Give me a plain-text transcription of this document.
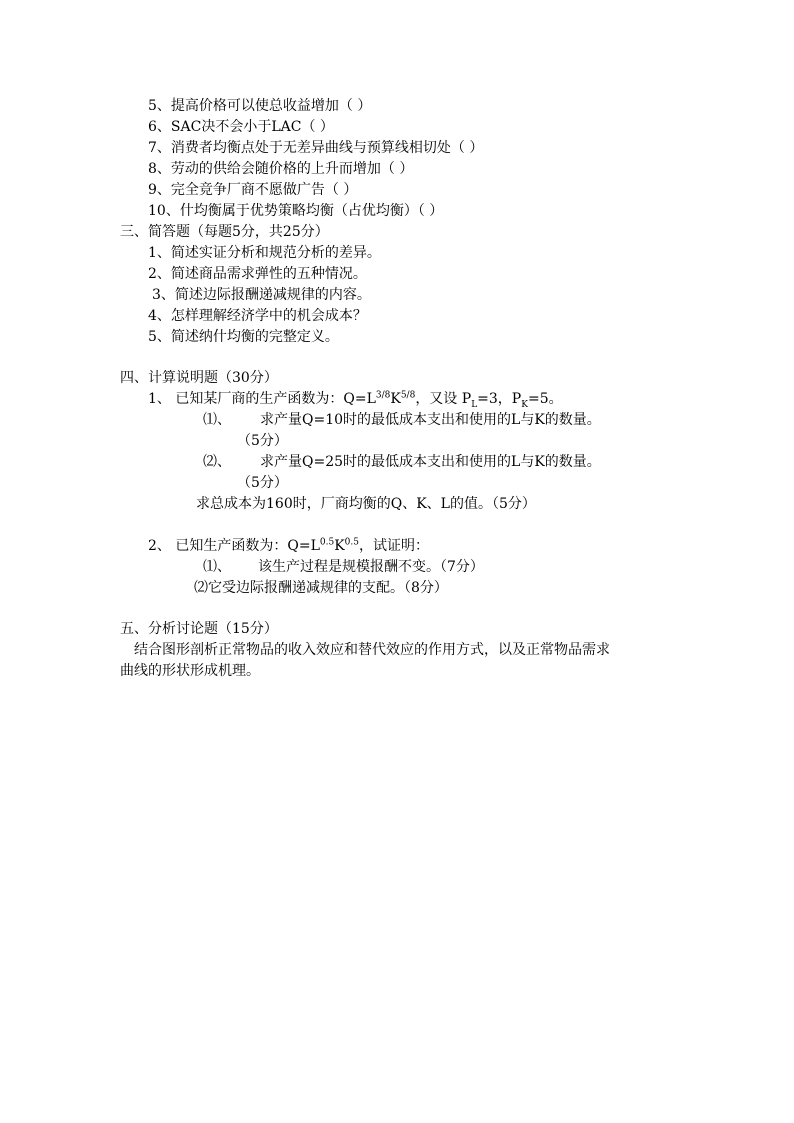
5、提高价格可以使总收益增加（ ）
6、SAC决不会小于LAC（ ）
7、消费者均衡点处于无差异曲线与预算线相切处（ ）
8、劳动的供给会随价格的上升而增加（ ）
9、完全竞争厂商不愿做广告（ ）
10、什均衡属于优势策略均衡（占优均衡）（ ）
三、简答题（每题5分，共25分）
1、简述实证分析和规范分析的差异。
2、简述商品需求弹性的五种情况。
3、简述边际报酬递减规律的内容。
4、怎样理解经济学中的机会成本？
5、简述纳什均衡的完整定义。
四、计算说明题（30分）
1、 已知某厂商的生产函数为：$Q=L^{3/8}K^{5/8}$，又设 $P_L=3$，$P_K=5$。
⑴、 求产量Q=10时的最低成本支出和使用的L与K的数量。
（5分）
⑵、 求产量Q=25时的最低成本支出和使用的L与K的数量。
（5分）
求总成本为160时，厂商均衡的Q、K、L的值。（5分）
2、 已知生产函数为：$Q=L^{0.5}K^{0.5}$，试证明：
⑴、 该生产过程是规模报酬不变。（7分）
⑵它受边际报酬递减规律的支配。（8分）
五、分析讨论题（15分）
结合图形剖析正常物品的收入效应和替代效应的作用方式，以及正常物品需求
曲线的形状形成机理。
